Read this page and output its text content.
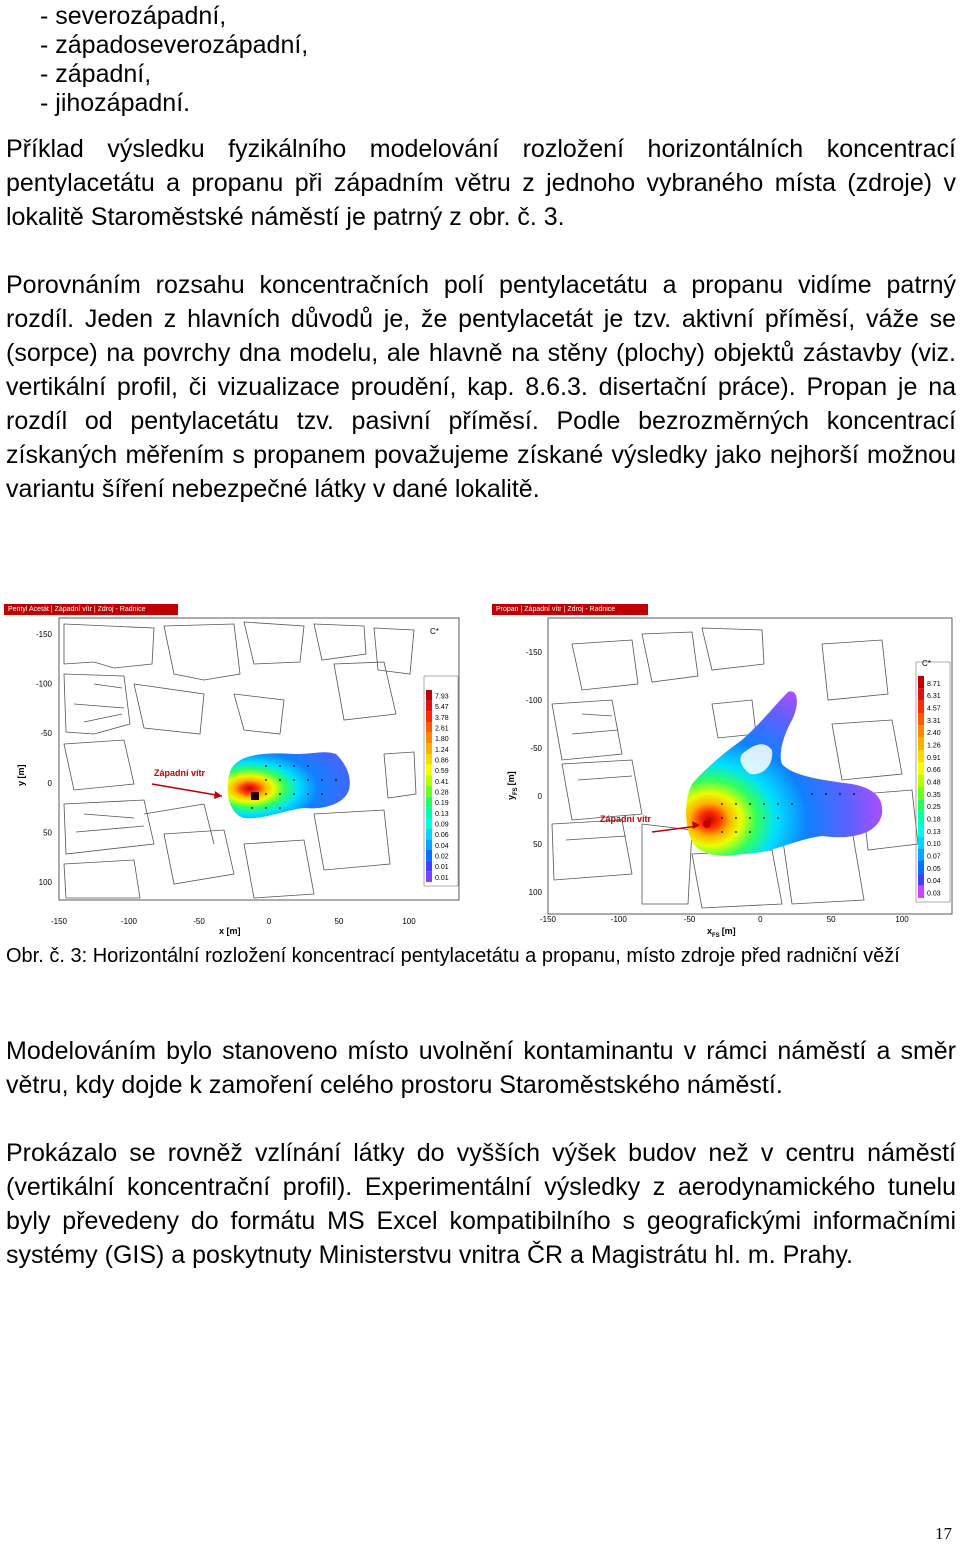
- severozápadní,
- západoseverozápadní,
- západní,
- jihozápadní.
Příklad výsledku fyzikálního modelování rozložení horizontálních koncentrací pentylacetátu a propanu při západním větru z jednoho vybraného místa (zdroje) v lokalitě Staroměstské náměstí je patrný z obr. č. 3.
Porovnáním rozsahu koncentračních polí pentylacetátu a propanu vidíme patrný rozdíl. Jeden z hlavních důvodů je, že pentylacetát je tzv. aktivní příměsí, váže se (sorpce) na povrchy dna modelu, ale hlavně na stěny (plochy) objektů zástavby (viz. vertikální profil, či vizualizace proudění, kap. 8.6.3. disertační práce). Propan je na rozdíl od pentylacetátu tzv. pasivní příměsí. Podle bezrozměrných koncentrací získaných měřením s propanem považujeme získané výsledky jako nejhorší možnou variantu šíření nebezpečné látky v dané lokalitě.
Západní vítr
7.93
5.47
3.78
2.61
1.80
1.24
0.86
0.59
0.41
0.28
0.19
0.13
0.09
0.06
0.04
0.02
0.01
0.01
C*
-150	-100	-50	0	50	100
-150
-100
-50
0
50
100
x [m]
y [m]
Pentyl Acetát | Západní vítr | Zdroj - Radnice
Západní vítr
8.71
6.31
4.57
3.31
2.40
1.26
0.91
0.66
0.48
0.35
0.25
0.18
0.13
0.10
0.07
0.05
0.04
0.03
C*
-150	-100	-50	0	50	100
-150
-100
-50
0
50
100
$x_{FS}$ [m]
$y_{FS}[m]$
Propan | Západní vítr | Zdroj - Radnice
Obr. č. 3: Horizontální rozložení koncentrací pentylacetátu a propanu, místo zdroje před radniční věží
Modelováním bylo stanoveno místo uvolnění kontaminantu v rámci náměstí a směr větru, kdy dojde k zamoření celého prostoru Staroměstského náměstí.
Prokázalo se rovněž vzlínání látky do vyšších výšek budov než v centru náměstí (vertikální koncentrační profil). Experimentální výsledky z aerodynamického tunelu byly převedeny do formátu MS Excel kompatibilního s geografickými informačními systémy (GIS) a poskytnuty Ministerstvu vnitra ČR a Magistrátu hl. m. Prahy.
17
